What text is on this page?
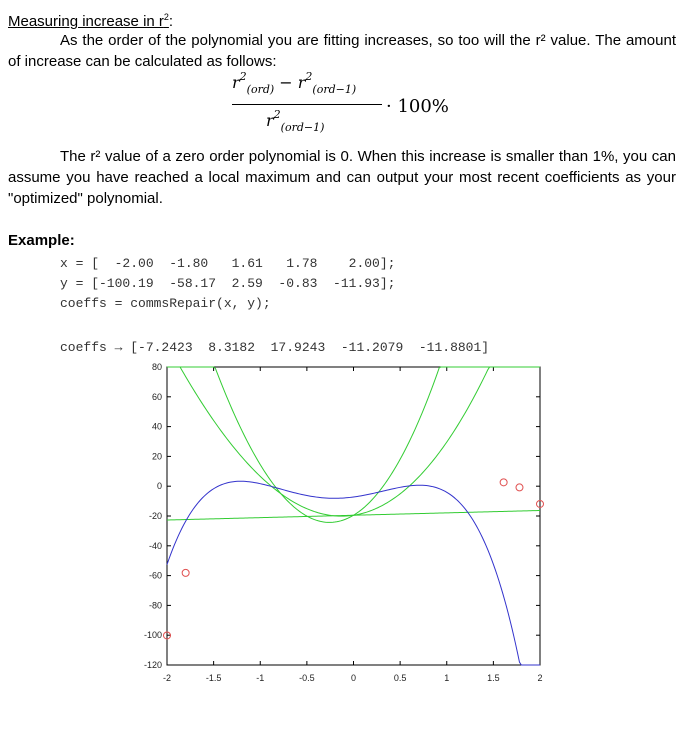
Measuring increase in $r^2$:
As the order of the polynomial you are fitting increases, so too will the r² value. The amount of increase can be calculated as follows:
$r^2_{(ord)} - r^2_{(ord-1)}$
$r^2_{(ord-1)}$
· 100%
The r² value of a zero order polynomial is 0. When this increase is smaller than 1%, you can assume you have reached a local maximum and can output your most recent coefficients as your "optimized" polynomial.
Example:
x = [  -2.00  -1.80   1.61   1.78    2.00];
y = [-100.19  -58.17  2.59  -0.83  -11.93];
coeffs = commsRepair(x, y);
coeffs → [-7.2423  8.3182  17.9243  -11.2079  -11.8801]
-2	-1.5	-1	-0.5	0	0.5	1	1.5	2
80
60
40
20
0
-20
-40
-60
-80
-100
-120
